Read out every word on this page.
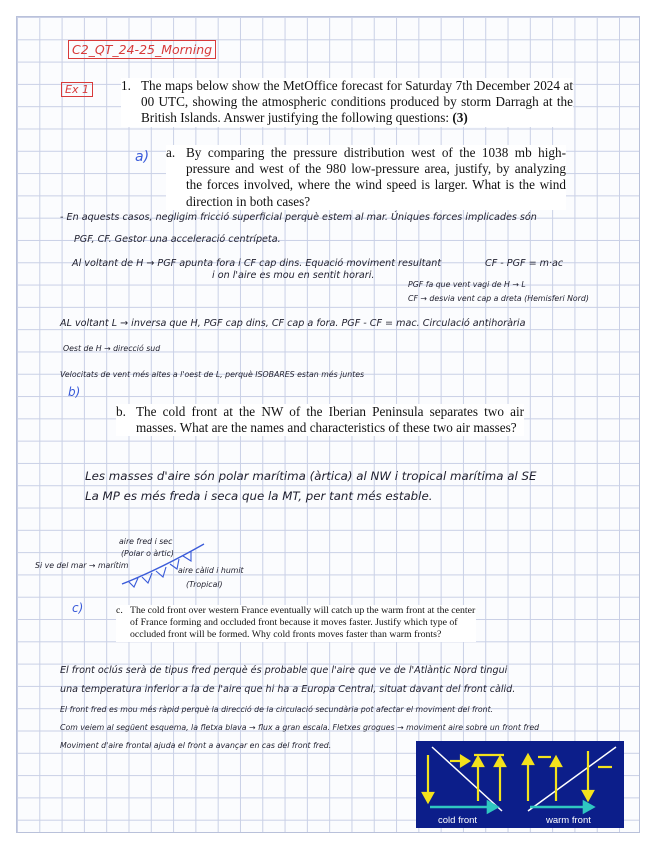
C2_QT_24-25_Morning
Ex 1	1. The maps below show the MetOffice forecast for Saturday 7th December 2024 at 00 UTC, showing the atmospheric conditions produced by storm Darragh at the British Islands. Answer justifying the following questions: (3)
a) a. By comparing the pressure distribution west of the 1038 mb high-pressure and west of the 980 low-pressure area, justify, by analyzing the forces involved, where the wind speed is larger. What is the wind direction in both cases?
- En aquests casos, negligim fricció superficial perquè estem al mar. Úniques forces implicades són
PGF, CF. Gestor una acceleració centrípeta.
Al voltant de H → PGF apunta fora i CF cap dins. Equació moviment resultant	CF - PGF = m·ac
i on l'aire es mou en sentit horari.
PGF fa que vent vagi de H → L
CF → desvia vent cap a dreta (Hemisferi Nord)
AL voltant L → inversa que H, PGF cap dins, CF cap a fora. PGF - CF = mac. Circulació antihorària
Oest de H → direcció sud
Velocitats de vent més altes a l'oest de L, perquè ISOBARES estan més juntes
b)
b. The cold front at the NW of the Iberian Peninsula separates two air masses. What are the names and characteristics of these two air masses?
Les masses d'aire són polar marítima (àrtica) al NW i tropical marítima al SE
La MP es més freda i seca que la MT, per tant més estable.
aire fred i sec
(Polar o àrtic)
Si ve del mar → marítim
aire càlid i humit
(Tropical)
c)	c. The cold front over western France eventually will catch up the warm front at the center of France forming and occluded front because it moves faster. Justify which type of occluded front will be formed. Why cold fronts moves faster than warm fronts?
El front oclús serà de tipus fred perquè és probable que l'aire que ve de l'Atlàntic Nord tingui
una temperatura inferior a la de l'aire que hi ha a Europa Central, situat davant del front càlid.
El front fred es mou més ràpid perquè la direcció de la circulació secundària pot afectar el moviment del front.
Com veiem al següent esquema, la fletxa blava → flux a gran escala. Fletxes grogues → moviment aire sobre un front fred
Moviment d'aire frontal ajuda el front a avançar en cas del front fred.
cold front	warm front
